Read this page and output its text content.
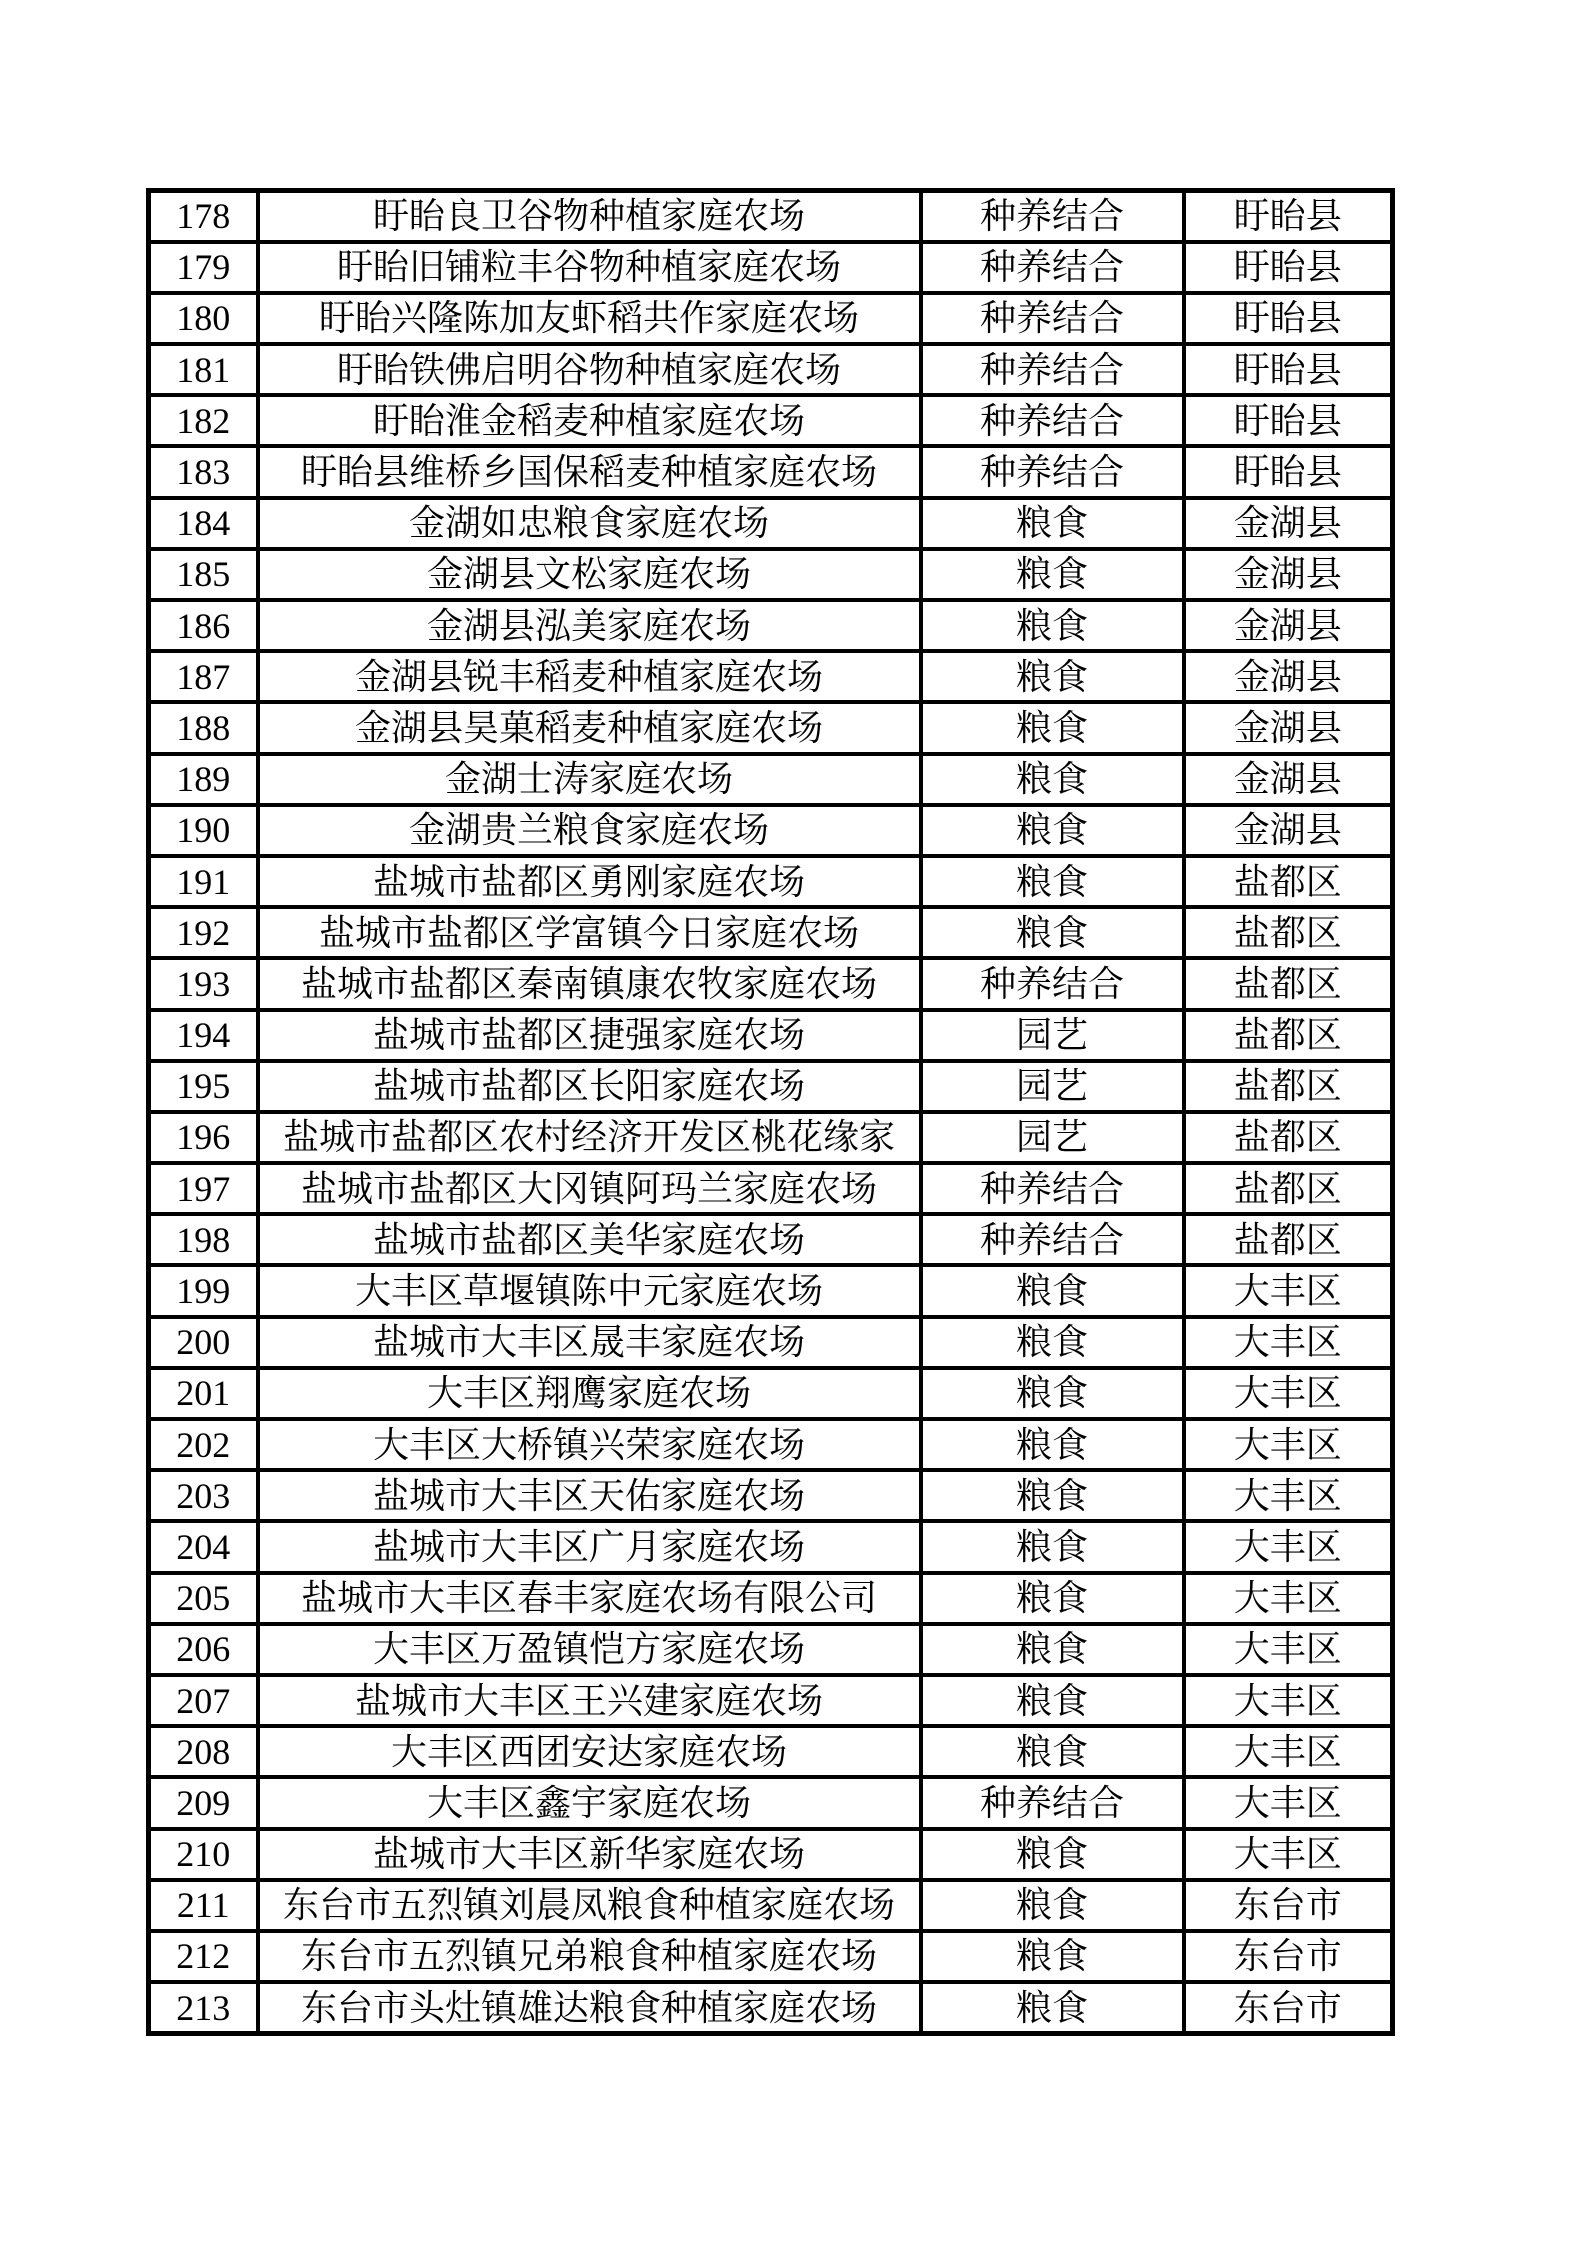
178	盱眙良卫谷物种植家庭农场	种养结合	盱眙县
179	盱眙旧铺粒丰谷物种植家庭农场	种养结合	盱眙县
180	盱眙兴隆陈加友虾稻共作家庭农场	种养结合	盱眙县
181	盱眙铁佛启明谷物种植家庭农场	种养结合	盱眙县
182	盱眙淮金稻麦种植家庭农场	种养结合	盱眙县
183	盱眙县维桥乡国保稻麦种植家庭农场	种养结合	盱眙县
184	金湖如忠粮食家庭农场	粮食	金湖县
185	金湖县文松家庭农场	粮食	金湖县
186	金湖县泓美家庭农场	粮食	金湖县
187	金湖县锐丰稻麦种植家庭农场	粮食	金湖县
188	金湖县昊菓稻麦种植家庭农场	粮食	金湖县
189	金湖士涛家庭农场	粮食	金湖县
190	金湖贵兰粮食家庭农场	粮食	金湖县
191	盐城市盐都区勇刚家庭农场	粮食	盐都区
192	盐城市盐都区学富镇今日家庭农场	粮食	盐都区
193	盐城市盐都区秦南镇康农牧家庭农场	种养结合	盐都区
194	盐城市盐都区捷强家庭农场	园艺	盐都区
195	盐城市盐都区长阳家庭农场	园艺	盐都区
196	盐城市盐都区农村经济开发区桃花缘家	园艺	盐都区
197	盐城市盐都区大冈镇阿玛兰家庭农场	种养结合	盐都区
198	盐城市盐都区美华家庭农场	种养结合	盐都区
199	大丰区草堰镇陈中元家庭农场	粮食	大丰区
200	盐城市大丰区晟丰家庭农场	粮食	大丰区
201	大丰区翔鹰家庭农场	粮食	大丰区
202	大丰区大桥镇兴荣家庭农场	粮食	大丰区
203	盐城市大丰区天佑家庭农场	粮食	大丰区
204	盐城市大丰区广月家庭农场	粮食	大丰区
205	盐城市大丰区春丰家庭农场有限公司	粮食	大丰区
206	大丰区万盈镇恺方家庭农场	粮食	大丰区
207	盐城市大丰区王兴建家庭农场	粮食	大丰区
208	大丰区西团安达家庭农场	粮食	大丰区
209	大丰区鑫宇家庭农场	种养结合	大丰区
210	盐城市大丰区新华家庭农场	粮食	大丰区
211	东台市五烈镇刘晨凤粮食种植家庭农场	粮食	东台市
212	东台市五烈镇兄弟粮食种植家庭农场	粮食	东台市
213	东台市头灶镇雄达粮食种植家庭农场	粮食	东台市
